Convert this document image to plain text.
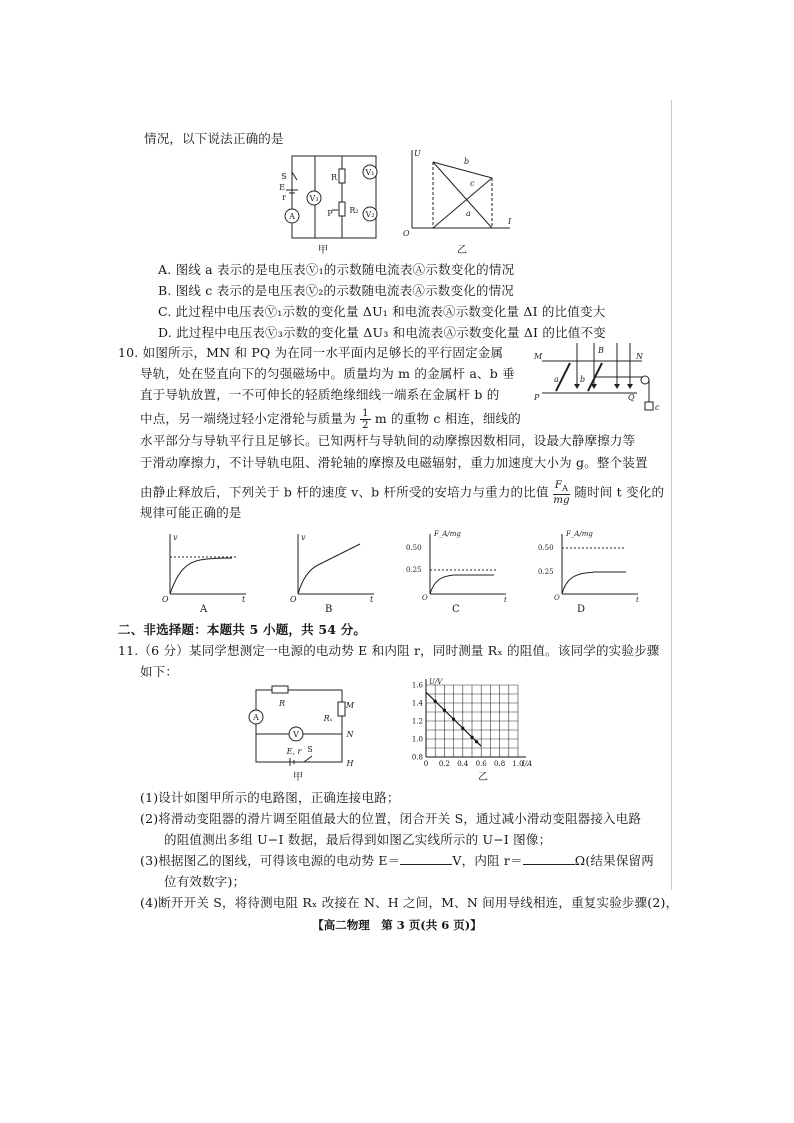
情况，以下说法正确的是
S
E
r
A
V₃
R
R₂
P
V₁
V₂
甲
U
I
O
b
c
a
乙
A. 图线 a 表示的是电压表Ⓥ₁的示数随电流表Ⓐ示数变化的情况
B. 图线 c 表示的是电压表Ⓥ₂的示数随电流表Ⓐ示数变化的情况
C. 此过程中电压表Ⓥ₁示数的变化量 ΔU₁ 和电流表Ⓐ示数变化量 ΔI 的比值变大
D. 此过程中电压表Ⓥ₃示数的变化量 ΔU₃ 和电流表Ⓐ示数变化量 ΔI 的比值不变
10. 如图所示，MN 和 PQ 为在同一水平面内足够长的平行固定金属
导轨，处在竖直向下的匀强磁场中。质量均为 m 的金属杆 a、b 垂
直于导轨放置，一不可伸长的轻质绝缘细线一端系在金属杆 b 的
中点，另一端绕过轻小定滑轮与质量为 $\frac{1}{2}$ m 的重物 c 相连，细线的
M	N
P	Q
a	b
c
B
水平部分与导轨平行且足够长。已知两杆与导轨间的动摩擦因数相同，设最大静摩擦力等
于滑动摩擦力，不计导轨电阻、滑轮轴的摩擦及电磁辐射，重力加速度大小为 g。整个装置
由静止释放后，下列关于 b 杆的速度 v、b 杆所受的安培力与重力的比值 $\frac{F_A}{mg}$ 随时间 t 变化的
规律可能正确的是
v
t
O
A
v
t
O
B
F_A/mg
0.50
0.25
O	t
C
F_A/mg
0.50
0.25
O	t
D
二、非选择题：本题共 5 小题，共 54 分。
11.（6 分）某同学想测定一电源的电动势 E 和内阻 r，同时测量 Rₓ 的阻值。该同学的实验步骤
如下：
R
Rₓ
A
V
M
N
H
E, r S
甲
0 0.2 0.4 0.6 0.8 1.0
0.8
1.0
1.2
1.4
1.6
I/A
U/V
乙
(1)设计如图甲所示的电路图，正确连接电路；
(2)将滑动变阻器的滑片调至阻值最大的位置，闭合开关 S，通过减小滑动变阻器接入电路
的阻值测出多组 U−I 数据，最后得到如图乙实线所示的 U−I 图像；
(3)根据图乙的图线，可得该电源的电动势 E＝	V，内阻 r＝	Ω(结果保留两
位有效数字)；
(4)断开开关 S，将待测电阻 Rₓ 改接在 N、H 之间，M、N 间用导线相连，重复实验步骤(2)，
【高二物理　第 3 页(共 6 页)】
